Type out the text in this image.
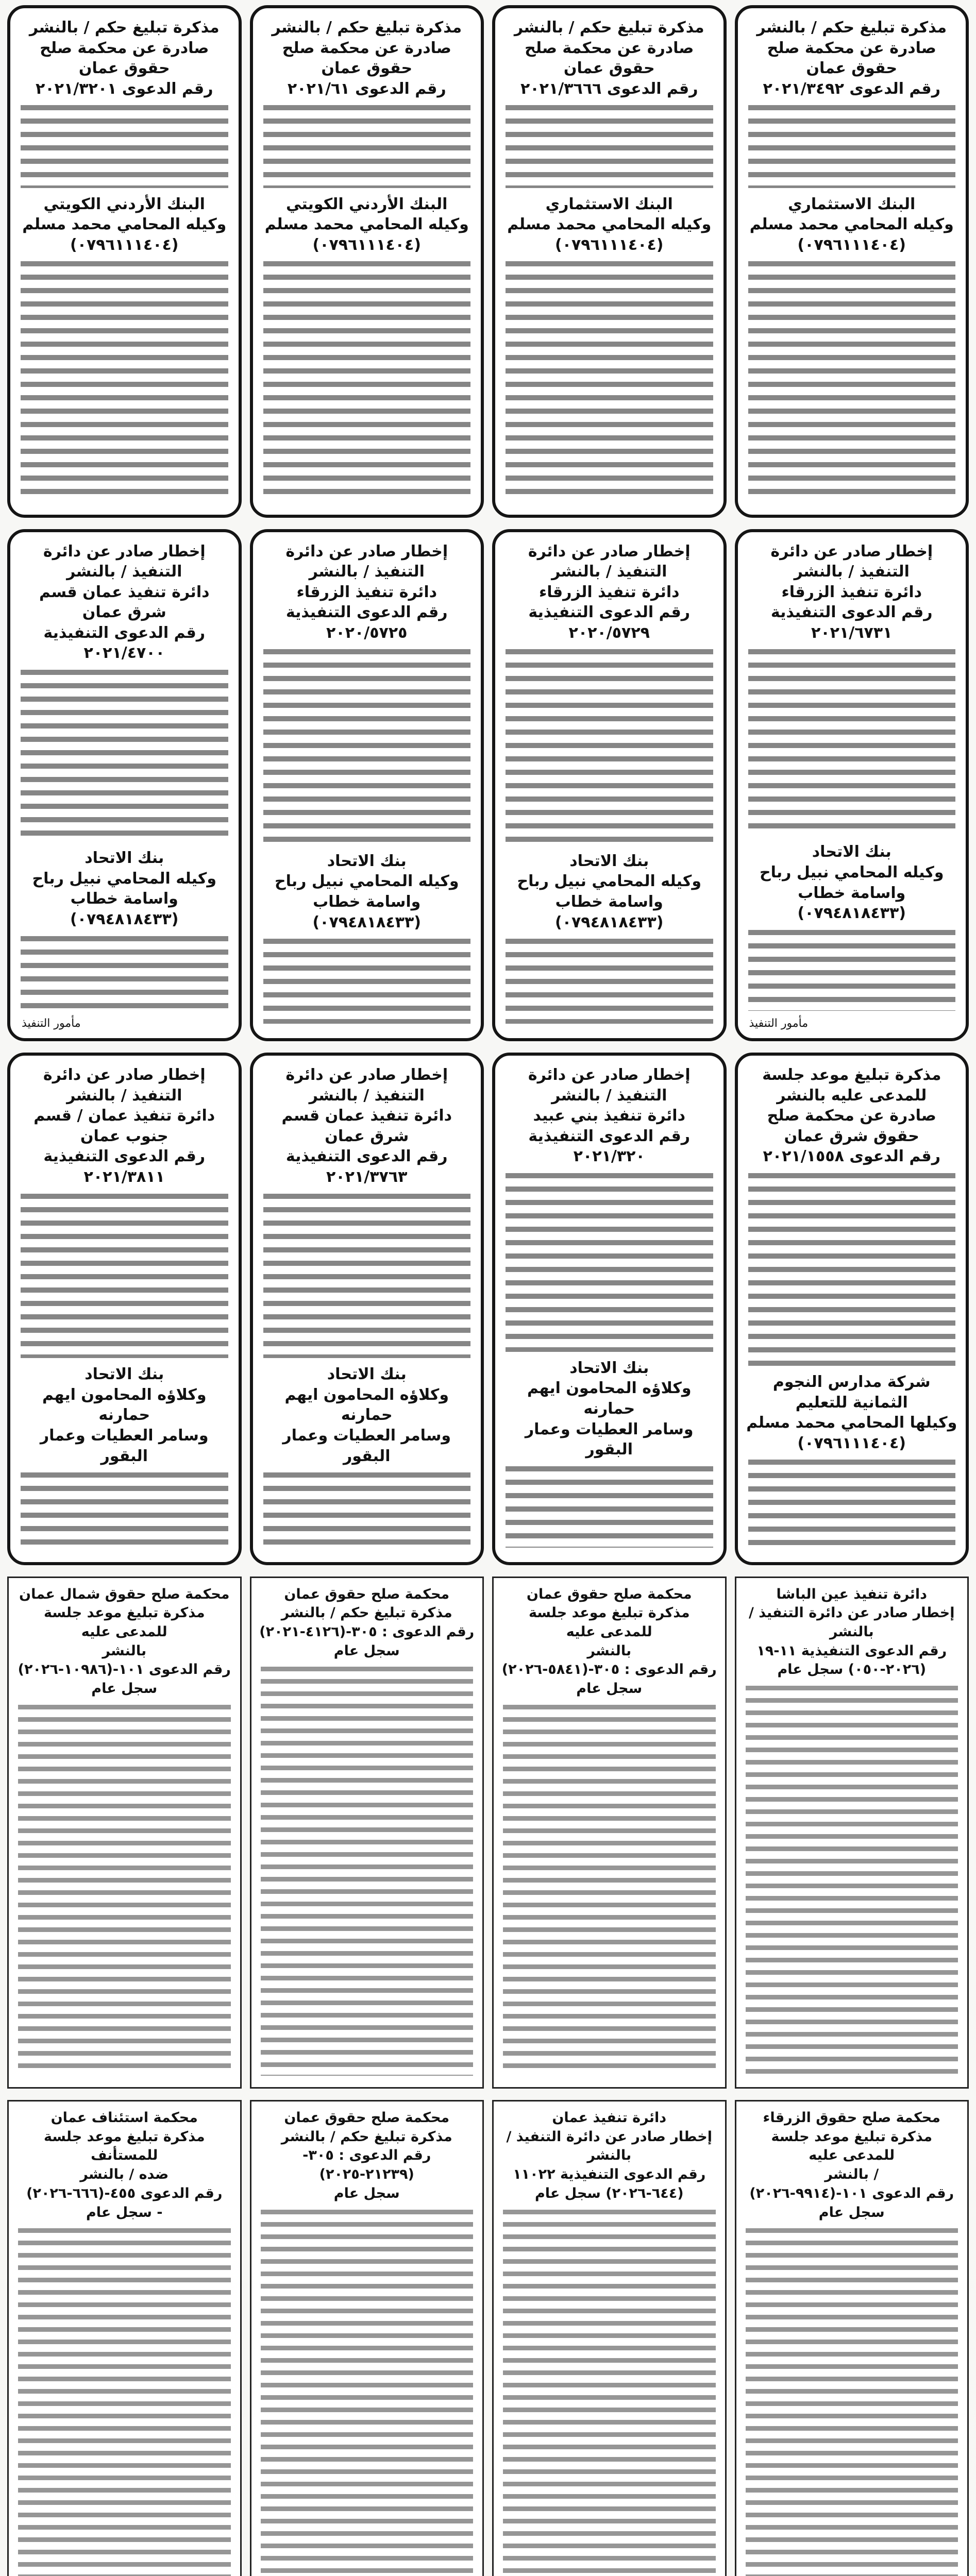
مذكرة تبليغ حكم / بالنشر

صادرة عن محكمة صلح حقوق عمان

رقم الدعوى ٢٠٢١/٣٤٩٢

البنك الاستثماري

وكيله المحامي محمد مسلم

(٠٧٩٦١١١٤٠٤)

مذكرة تبليغ حكم / بالنشر

صادرة عن محكمة صلح حقوق عمان

رقم الدعوى ٢٠٢١/٣٦٦٦

البنك الاستثماري

وكيله المحامي محمد مسلم

(٠٧٩٦١١١٤٠٤)

مذكرة تبليغ حكم / بالنشر

صادرة عن محكمة صلح حقوق عمان

رقم الدعوى ٢٠٢١/٦١

البنك الأردني الكويتي

وكيله المحامي محمد مسلم

(٠٧٩٦١١١٤٠٤)

مذكرة تبليغ حكم / بالنشر

صادرة عن محكمة صلح حقوق عمان

رقم الدعوى ٢٠٢١/٣٢٠١

البنك الأردني الكويتي

وكيله المحامي محمد مسلم

(٠٧٩٦١١١٤٠٤)

إخطار صادر عن دائرة التنفيذ / بالنشر

دائرة تنفيذ الزرقاء

رقم الدعوى التنفيذية

٢٠٢١/٦٧٣١

بنك الاتحاد

وكيله المحامي نبيل رباح واسامة خطاب

(٠٧٩٤٨١٨٤٣٣)

مأمور التنفيذ

إخطار صادر عن دائرة التنفيذ / بالنشر

دائرة تنفيذ الزرقاء

رقم الدعوى التنفيذية

٢٠٢٠/٥٧٢٩

بنك الاتحاد

وكيله المحامي نبيل رباح واسامة خطاب

(٠٧٩٤٨١٨٤٣٣)

إخطار صادر عن دائرة التنفيذ / بالنشر

دائرة تنفيذ الزرقاء

رقم الدعوى التنفيذية

٢٠٢٠/٥٧٢٥

بنك الاتحاد

وكيله المحامي نبيل رباح واسامة خطاب

(٠٧٩٤٨١٨٤٣٣)

إخطار صادر عن دائرة التنفيذ / بالنشر

دائرة تنفيذ عمان قسم شرق عمان

رقم الدعوى التنفيذية

٢٠٢١/٤٧٠٠

بنك الاتحاد

وكيله المحامي نبيل رباح واسامة خطاب

(٠٧٩٤٨١٨٤٣٣)

مأمور التنفيذ

مذكرة تبليغ موعد جلسة للمدعى عليه بالنشر

صادرة عن محكمة صلح حقوق شرق عمان

رقم الدعوى ٢٠٢١/١٥٥٨

شركة مدارس النجوم الثمانية للتعليم

وكيلها المحامي محمد مسلم

(٠٧٩٦١١١٤٠٤)

إخطار صادر عن دائرة التنفيذ / بالنشر

دائرة تنفيذ بني عبيد

رقم الدعوى التنفيذية

٢٠٢١/٣٢٠

بنك الاتحاد

وكلاؤه المحامون ايهم حمارنه

وسامر العطيات وعمار البقور

إخطار صادر عن دائرة التنفيذ / بالنشر

دائرة تنفيذ عمان قسم شرق عمان

رقم الدعوى التنفيذية

٢٠٢١/٣٧٦٣

بنك الاتحاد

وكلاؤه المحامون ايهم حمارنه

وسامر العطيات وعمار البقور

إخطار صادر عن دائرة التنفيذ / بالنشر

دائرة تنفيذ عمان / قسم جنوب عمان

رقم الدعوى التنفيذية

٢٠٢١/٣٨١١

بنك الاتحاد

وكلاؤه المحامون ايهم حمارنه

وسامر العطيات وعمار البقور

دائرة تنفيذ عين الباشا

إخطار صادر عن دائرة التنفيذ / بالنشر

رقم الدعوى التنفيذية ١١-١٩

(٢٠٢٦-٠٥٠) سجل عام

محكمة صلح حقوق عمان

مذكرة تبليغ موعد جلسة للمدعى عليه

بالنشر

رقم الدعوى : ٣٠٥-(٥٨٤١-٢٠٢٦)

سجل عام

محكمة صلح حقوق عمان

مذكرة تبليغ حكم / بالنشر

رقم الدعوى : ٣٠٥-(٤١٢٦-٢٠٢١)

سجل عام

محكمة صلح حقوق شمال عمان

مذكرة تبليغ موعد جلسة للمدعى عليه

بالنشر

رقم الدعوى ١٠١-(١٠٩٨٦-٢٠٢٦)

سجل عام

محكمة صلح حقوق الزرقاء

مذكرة تبليغ موعد جلسة للمدعى عليه

/ بالنشر

رقم الدعوى ١٠١-(٩٩١٤-٢٠٢٦) سجل عام

دائرة تنفيذ عمان

إخطار صادر عن دائرة التنفيذ / بالنشر

رقم الدعوى التنفيذية ١١٠٢٢

(٦٤٤-٢٠٢٦) سجل عام

محكمة صلح حقوق عمان

مذكرة تبليغ حكم / بالنشر

رقم الدعوى : ٣٠٥-(٢١٢٣٩-٢٠٢٥)

سجل عام

محكمة استئناف عمان

مذكرة تبليغ موعد جلسة للمستأنف

ضده / بالنشر

رقم الدعوى ٤٥٥-(٦٦٦-٢٠٢٦)

- سجل عام
